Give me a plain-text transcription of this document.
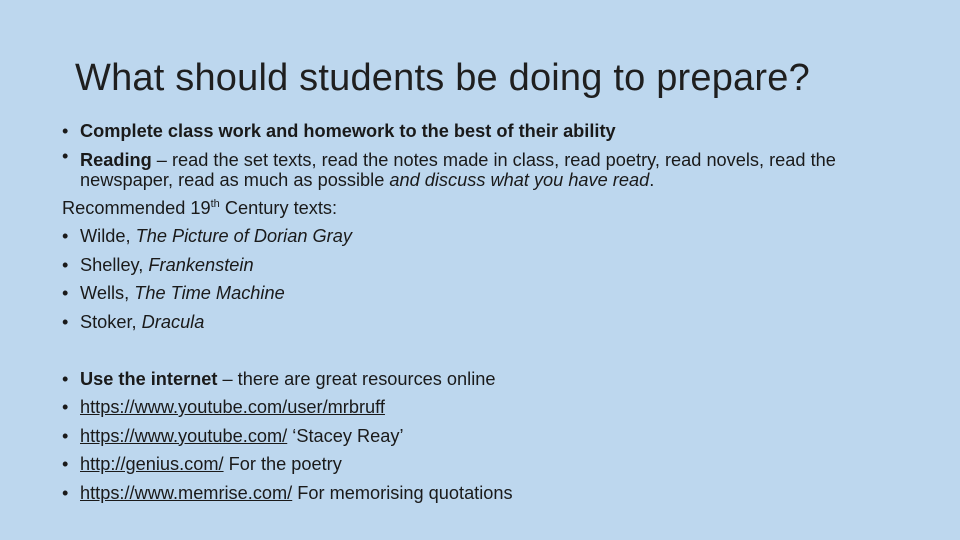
What should students be doing to prepare?
• Complete class work and homework to the best of their ability
• Reading – read the set texts, read the notes made in class, read poetry, read novels, read the newspaper, read as much as possible and discuss what you have read.
Recommended 19th Century texts:
• Wilde, The Picture of Dorian Gray
• Shelley, Frankenstein
• Wells, The Time Machine
• Stoker, Dracula
• Use the internet – there are great resources online
• https://www.youtube.com/user/mrbruff
• https://www.youtube.com/ ‘Stacey Reay’
• http://genius.com/ For the poetry
• https://www.memrise.com/ For memorising quotations
